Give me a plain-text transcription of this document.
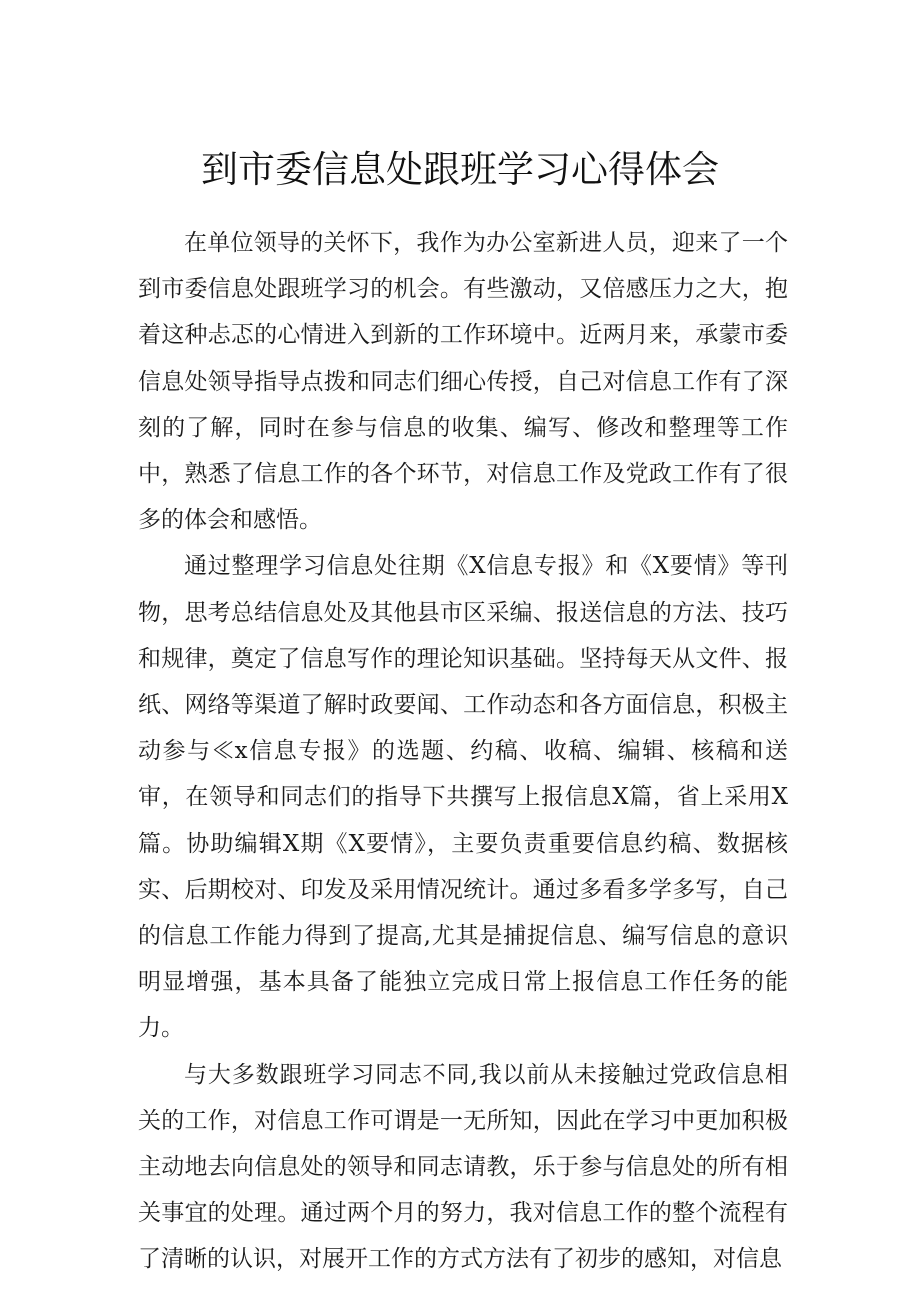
到市委信息处跟班学习心得体会

在单位领导的关怀下，我作为办公室新进人员，迎来了一个到市委信息处跟班学习的机会。有些激动，又倍感压力之大，抱着这种忐忑的心情进入到新的工作环境中。近两月来，承蒙市委信息处领导指导点拨和同志们细心传授，自己对信息工作有了深刻的了解，同时在参与信息的收集、编写、修改和整理等工作中，熟悉了信息工作的各个环节，对信息工作及党政工作有了很多的体会和感悟。

通过整理学习信息处往期《X信息专报》和《X要情》等刊物，思考总结信息处及其他县市区采编、报送信息的方法、技巧和规律，奠定了信息写作的理论知识基础。坚持每天从文件、报纸、网络等渠道了解时政要闻、工作动态和各方面信息，积极主动参与≪x信息专报》的选题、约稿、收稿、编辑、核稿和送审，在领导和同志们的指导下共撰写上报信息X篇，省上采用X篇。协助编辑X期《X要情》，主要负责重要信息约稿、数据核实、后期校对、印发及采用情况统计。通过多看多学多写，自己的信息工作能力得到了提高,尤其是捕捉信息、编写信息的意识明显增强，基本具备了能独立完成日常上报信息工作任务的能力。

与大多数跟班学习同志不同,我以前从未接触过党政信息相关的工作，对信息工作可谓是一无所知，因此在学习中更加积极主动地去向信息处的领导和同志请教，乐于参与信息处的所有相关事宜的处理。通过两个月的努力，我对信息工作的整个流程有了清晰的认识，对展开工作的方式方法有了初步的感知，对信息
